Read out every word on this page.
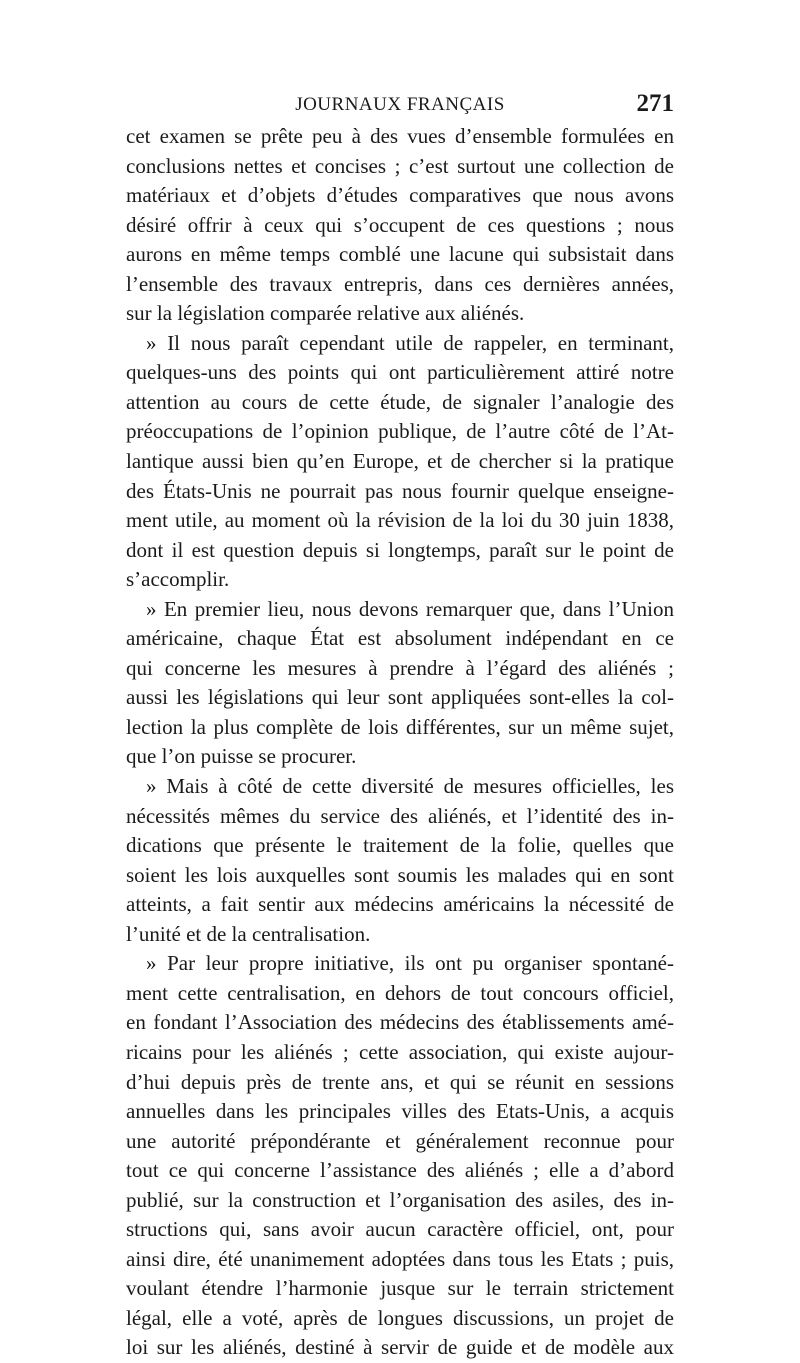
JOURNAUX FRANÇAIS	271
cet examen se prête peu à des vues d’ensemble formulées en
conclusions nettes et concises ; c’est surtout une collection de
matériaux et d’objets d’études comparatives que nous avons
désiré offrir à ceux qui s’occupent de ces questions ; nous
aurons en même temps comblé une lacune qui subsistait dans
l’ensemble des travaux entrepris, dans ces dernières années,
sur la législation comparée relative aux aliénés.
» Il nous paraît cependant utile de rappeler, en terminant,
quelques-uns des points qui ont particulièrement attiré notre
attention au cours de cette étude, de signaler l’analogie des
préoccupations de l’opinion publique, de l’autre côté de l’At-
lantique aussi bien qu’en Europe, et de chercher si la pratique
des États-Unis ne pourrait pas nous fournir quelque enseigne-
ment utile, au moment où la révision de la loi du 30 juin 1838,
dont il est question depuis si longtemps, paraît sur le point de
s’accomplir.
» En premier lieu, nous devons remarquer que, dans l’Union
américaine, chaque État est absolument indépendant en ce
qui concerne les mesures à prendre à l’égard des aliénés ;
aussi les législations qui leur sont appliquées sont-elles la col-
lection la plus complète de lois différentes, sur un même sujet,
que l’on puisse se procurer.
» Mais à côté de cette diversité de mesures officielles, les
nécessités mêmes du service des aliénés, et l’identité des in-
dications que présente le traitement de la folie, quelles que
soient les lois auxquelles sont soumis les malades qui en sont
atteints, a fait sentir aux médecins américains la nécessité de
l’unité et de la centralisation.
» Par leur propre initiative, ils ont pu organiser spontané-
ment cette centralisation, en dehors de tout concours officiel,
en fondant l’Association des médecins des établissements amé-
ricains pour les aliénés ; cette association, qui existe aujour-
d’hui depuis près de trente ans, et qui se réunit en sessions
annuelles dans les principales villes des Etats-Unis, a acquis
une autorité prépondérante et généralement reconnue pour
tout ce qui concerne l’assistance des aliénés ; elle a d’abord
publié, sur la construction et l’organisation des asiles, des in-
structions qui, sans avoir aucun caractère officiel, ont, pour
ainsi dire, été unanimement adoptées dans tous les Etats ; puis,
voulant étendre l’harmonie jusque sur le terrain strictement
légal, elle a voté, après de longues discussions, un projet de
loi sur les aliénés, destiné à servir de guide et de modèle aux
